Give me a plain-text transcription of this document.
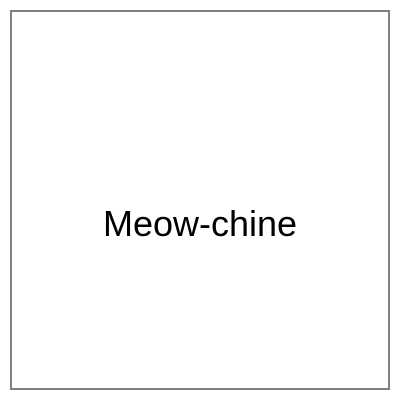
Meow-chine
